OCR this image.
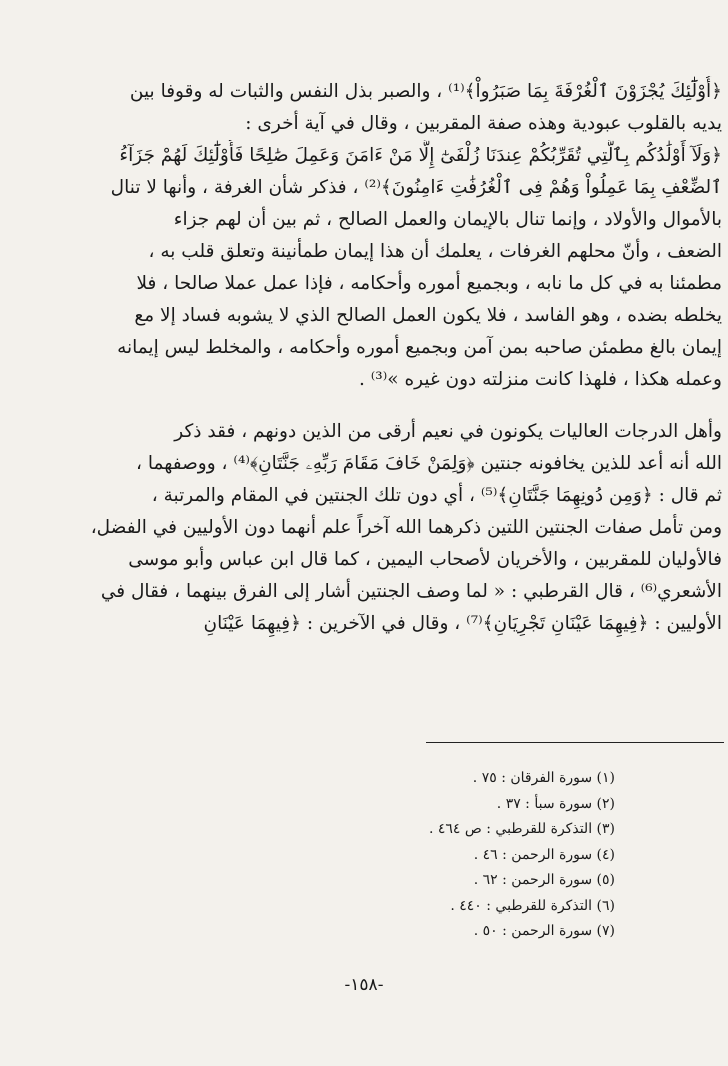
﴿أُوْلَٰٓئِكَ يُجْزَوْنَ ٱلْغُرْفَةَ بِمَا صَبَرُواْ﴾⁽¹⁾ ، والصبر بذل النفس والثبات له وقوفا بين
يديه بالقلوب عبودية وهذه صفة المقربين ، وقال في آية أخرى :
﴿وَلَآ أَوْلَٰدُكُم بِٱلَّتِي تُقَرِّبُكُمْ عِندَنَا زُلْفَىٰٓ إِلَّا مَنْ ءَامَنَ وَعَمِلَ صَٰلِحًا فَأُوْلَٰٓئِكَ لَهُمْ جَزَآءُ
ٱلضِّعْفِ بِمَا عَمِلُواْ وَهُمْ فِى ٱلْغُرُفَٰتِ ءَامِنُونَ﴾⁽²⁾ ، فذكر شأن الغرفة ، وأنها لا تنال
بالأموال والأولاد ، وإنما تنال بالإيمان والعمل الصالح ، ثم بين أن لهم جزاء
الضعف ، وأنّ محلهم الغرفات ، يعلمك أن هذا إيمان طمأنينة وتعلق قلب به ،
مطمئنا به في كل ما نابه ، وبجميع أموره وأحكامه ، فإذا عمل عملا صالحا ، فلا
يخلطه بضده ، وهو الفاسد ، فلا يكون العمل الصالح الذي لا يشوبه فساد إلا مع
إيمان بالغ مطمئن صاحبه بمن آمن وبجميع أموره وأحكامه ، والمخلط ليس إيمانه
وعمله هكذا ، فلهذا كانت منزلته دون غيره »⁽³⁾ .
وأهل الدرجات العاليات يكونون في نعيم أرقى من الذين دونهم ، فقد ذكر
الله أنه أعد للذين يخافونه جنتين ﴿وَلِمَنْ خَافَ مَقَامَ رَبِّهِۦ جَنَّتَانِ﴾⁽⁴⁾ ، ووصفهما ،
ثم قال : ﴿وَمِن دُونِهِمَا جَنَّتَانِ﴾⁽⁵⁾ ، أي دون تلك الجنتين في المقام والمرتبة ،
ومن تأمل صفات الجنتين اللتين ذكرهما الله آخراً علم أنهما دون الأوليين في الفضل،
فالأوليان للمقربين ، والأخريان لأصحاب اليمين ، كما قال ابن عباس وأبو موسى
الأشعري⁽⁶⁾ ، قال القرطبي : « لما وصف الجنتين أشار إلى الفرق بينهما ، فقال في
الأوليين : ﴿فِيهِمَا عَيْنَانِ تَجْرِيَانِ﴾⁽⁷⁾ ، وقال في الآخرين : ﴿فِيهِمَا عَيْنَانِ
(١) سورة الفرقان : ٧٥ .
(٢) سورة سبأ : ٣٧ .
(٣) التذكرة للقرطبي : ص ٤٦٤ .
(٤) سورة الرحمن : ٤٦ .
(٥) سورة الرحمن : ٦٢ .
(٦) التذكرة للقرطبي : ٤٤٠ .
(٧) سورة الرحمن : ٥٠ .
-١٥٨-
